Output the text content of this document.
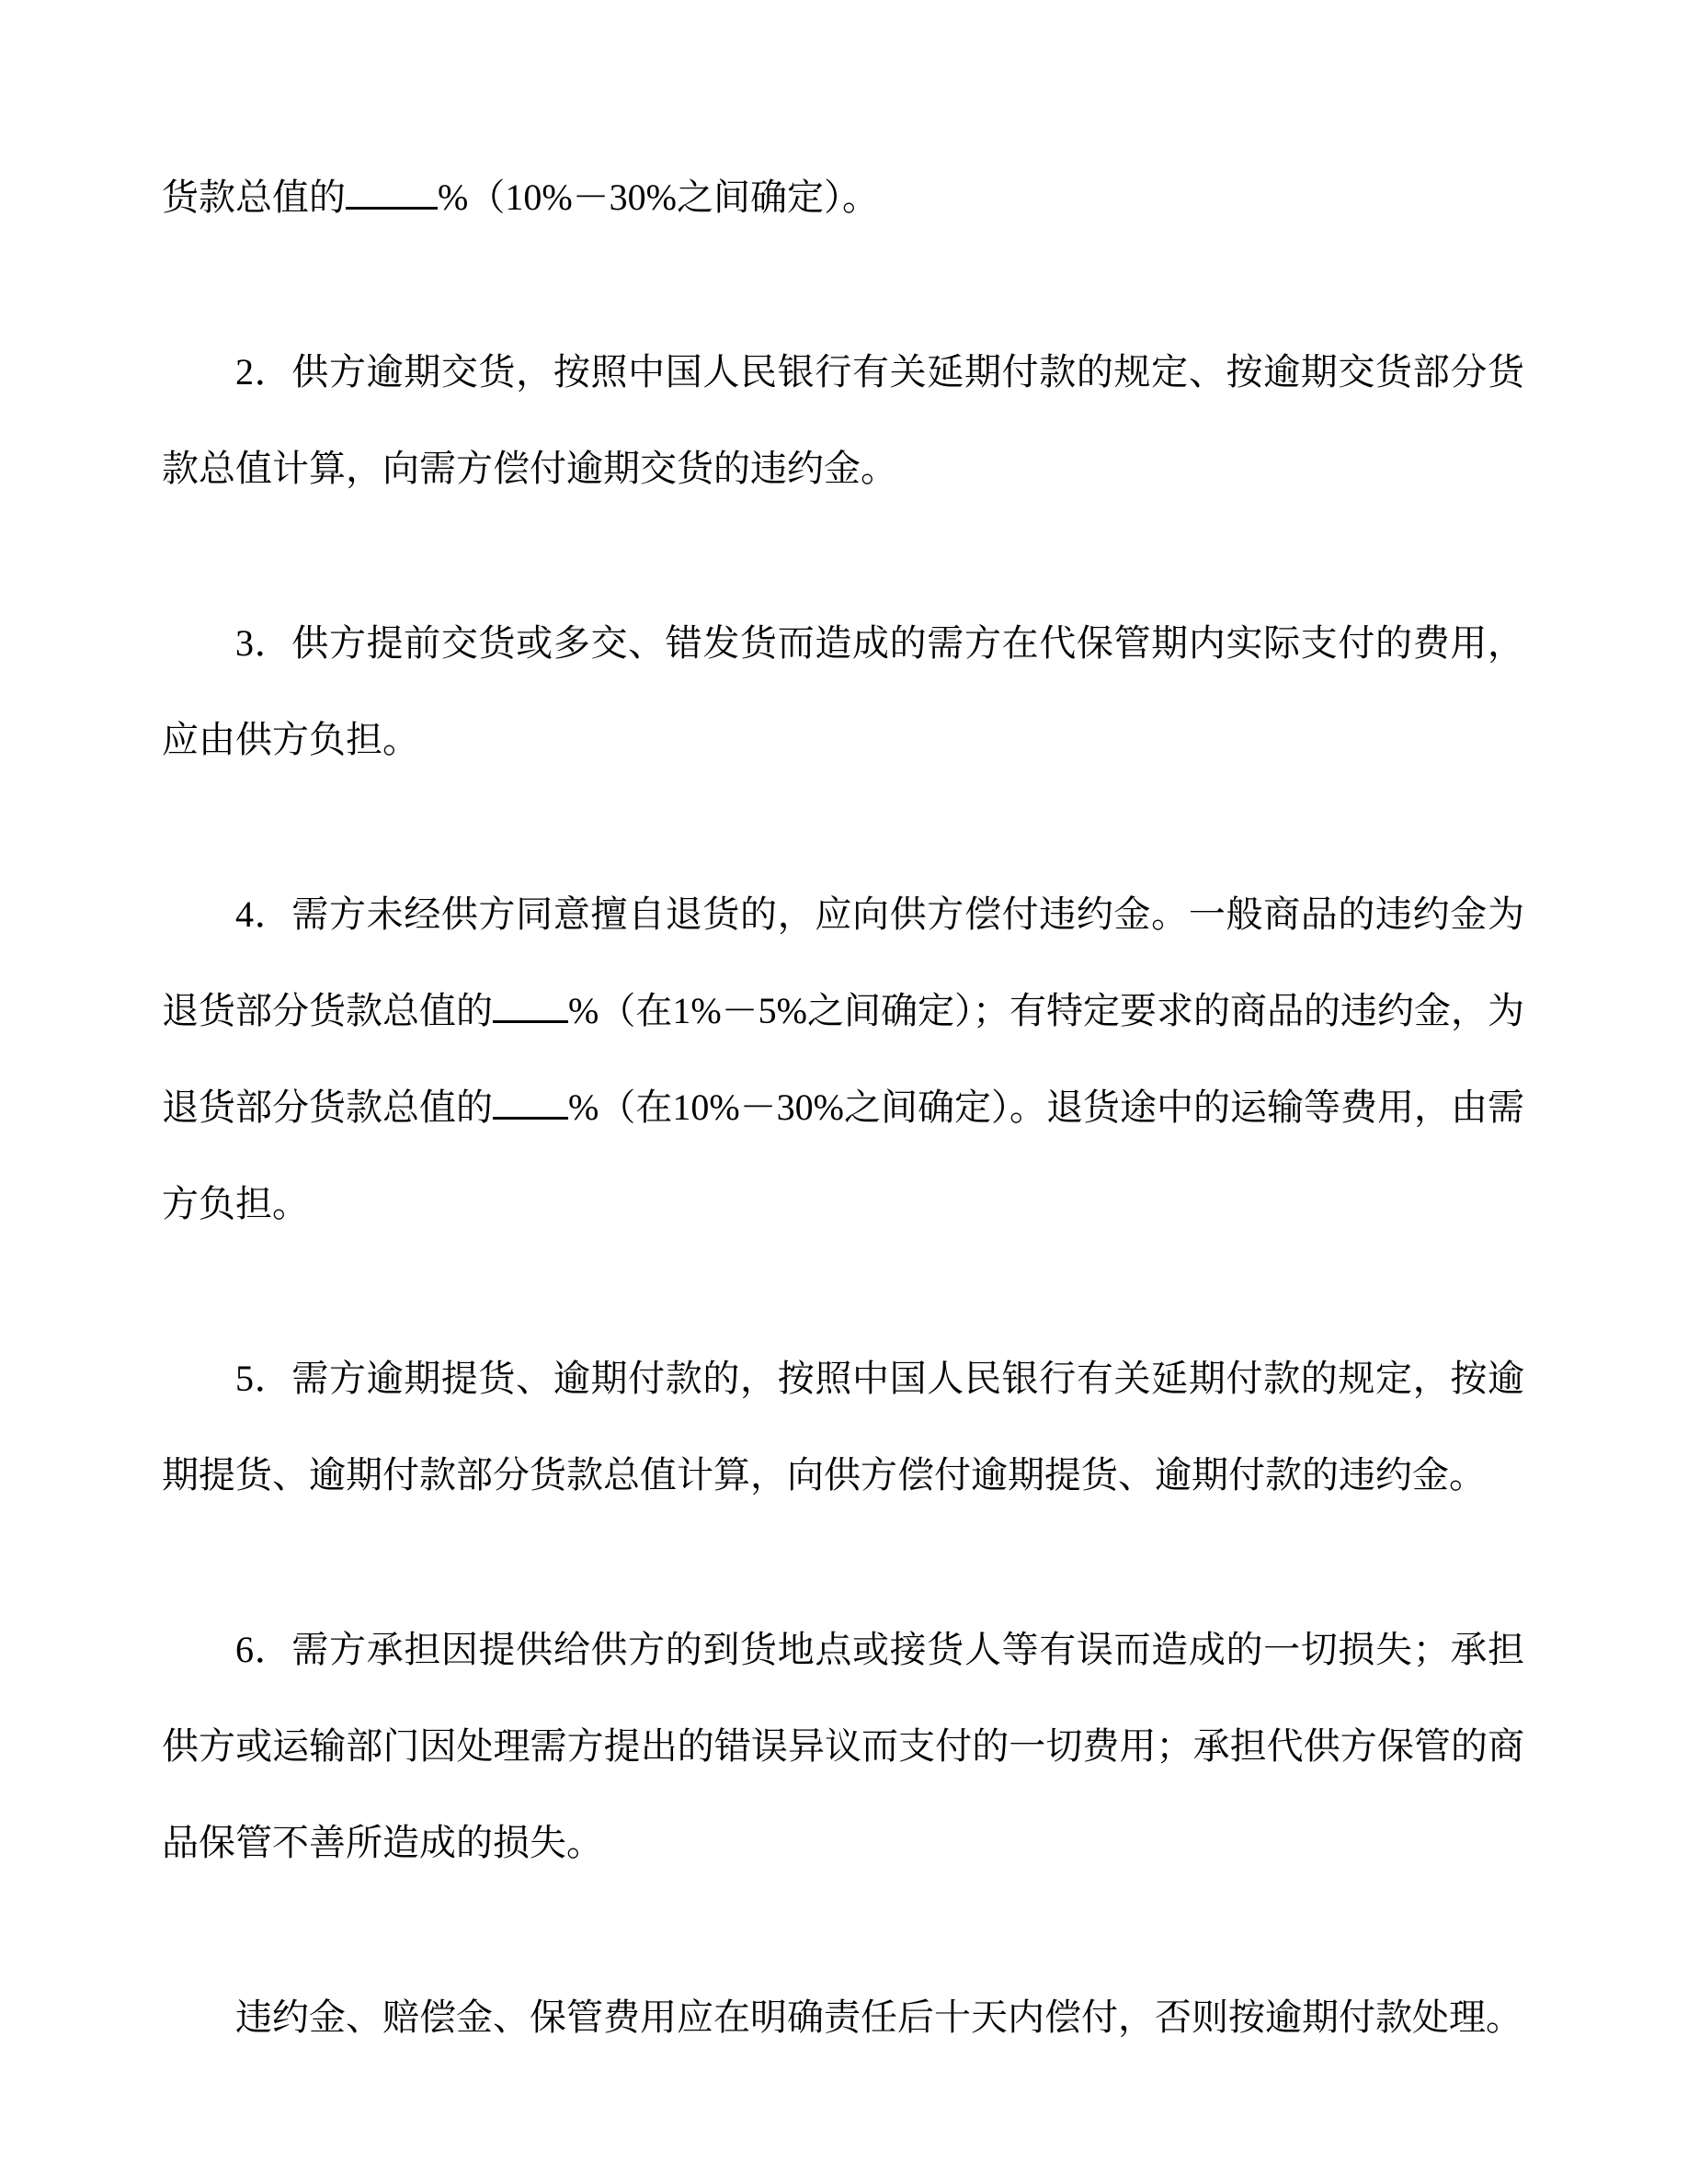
货款总值的	%（10%－30%之间确定）。

2．供方逾期交货，按照中国人民银行有关延期付款的规定、按逾期交货部分货款总值计算，向需方偿付逾期交货的违约金。

3．供方提前交货或多交、错发货而造成的需方在代保管期内实际支付的费用，应由供方负担。

4．需方未经供方同意擅自退货的，应向供方偿付违约金。一般商品的违约金为退货部分货款总值的 %（在1%－5%之间确定）；有特定要求的商品的违约金，为退货部分货款总值的 %（在10%－30%之间确定）。退货途中的运输等费用，由需方负担。

5．需方逾期提货、逾期付款的，按照中国人民银行有关延期付款的规定，按逾期提货、逾期付款部分货款总值计算，向供方偿付逾期提货、逾期付款的违约金。

6．需方承担因提供给供方的到货地点或接货人等有误而造成的一切损失；承担供方或运输部门因处理需方提出的错误异议而支付的一切费用；承担代供方保管的商品保管不善所造成的损失。

违约金、赔偿金、保管费用应在明确责任后十天内偿付，否则按逾期付款处理。
